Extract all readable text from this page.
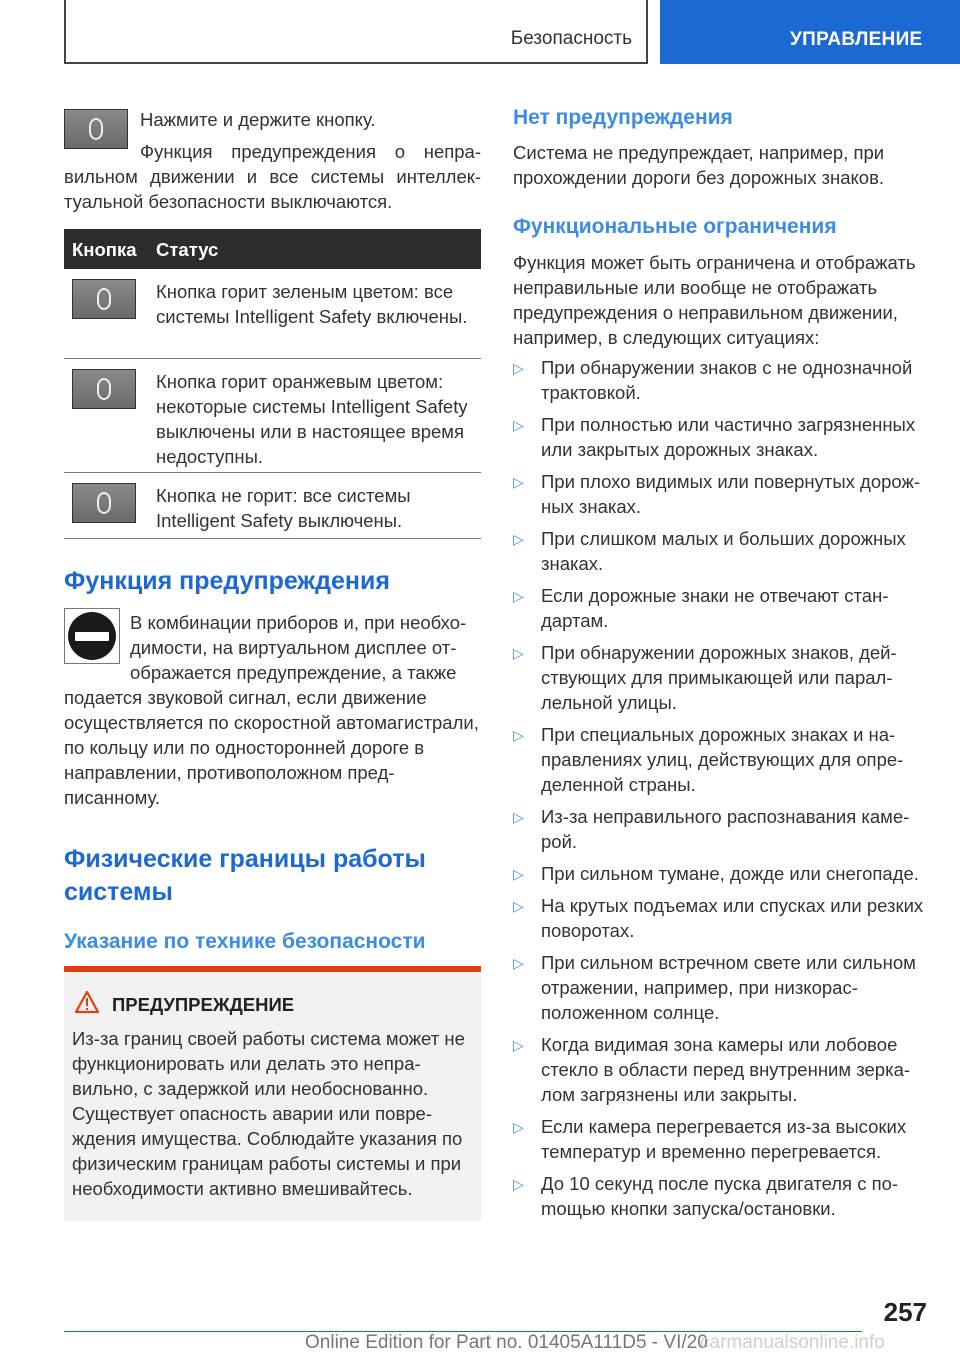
Безопасность	УПРАВЛЕНИЕ
Нажмите и держите кнопку.
Функция предупреждения о неправильном движении и все системы интеллектуальной безопасности выключаются.
Кнопка Статус
Кнопка горит зеленым цветом: все системы Intelligent Safety включены.
Кнопка горит оранжевым цветом: некоторые системы Intelligent Safety выключены или в настоящее время недоступны.
Кнопка не горит: все системы Intelligent Safety выключены.
Функция предупреждения
В комбинации приборов и, при необходимости, на виртуальном дисплее отображается предупреждение, а также
подается звуковой сигнал, если движение осуществляется по скоростной автомагистрали, по кольцу или по односторонней дороге в направлении, противоположном предписанному.
Физические границы работы системы
Указание по технике безопасности
ПРЕДУПРЕЖДЕНИЕ
Из-за границ своей работы система может не функционировать или делать это неправильно, с задержкой или необоснованно. Существует опасность аварии или повреждения имущества. Соблюдайте указания по физическим границам работы системы и при необходимости активно вмешивайтесь.
Нет предупреждения
Система не предупреждает, например, при прохождении дороги без дорожных знаков.
Функциональные ограничения
Функция может быть ограничена и отображать неправильные или вообще не отображать предупреждения о неправильном движении, например, в следующих ситуациях:
▷ При обнаружении знаков с не однозначной трактовкой.
▷ При полностью или частично загрязненных или закрытых дорожных знаках.
▷ При плохо видимых или повернутых дорожных знаках.
▷ При слишком малых и больших дорожных знаках.
▷ Если дорожные знаки не отвечают стандартам.
▷ При обнаружении дорожных знаков, действующих для примыкающей или параллельной улицы.
▷ При специальных дорожных знаках и направлениях улиц, действующих для определенной страны.
▷ Из-за неправильного распознавания камерой.
▷ При сильном тумане, дожде или снегопаде.
▷ На крутых подъемах или спусках или резких поворотах.
▷ При сильном встречном свете или сильном отражении, например, при низкорасположенном солнце.
▷ Когда видимая зона камеры или лобовое стекло в области перед внутренним зеркалом загрязнены или закрыты.
▷ Если камера перегревается из-за высоких температур и временно перегревается.
▷ До 10 секунд после пуска двигателя с поmощью кнопки запуска/остановки.
257
Online Edition for Part no. 01405A111D5 - VI/20
carmanualsonline.info
